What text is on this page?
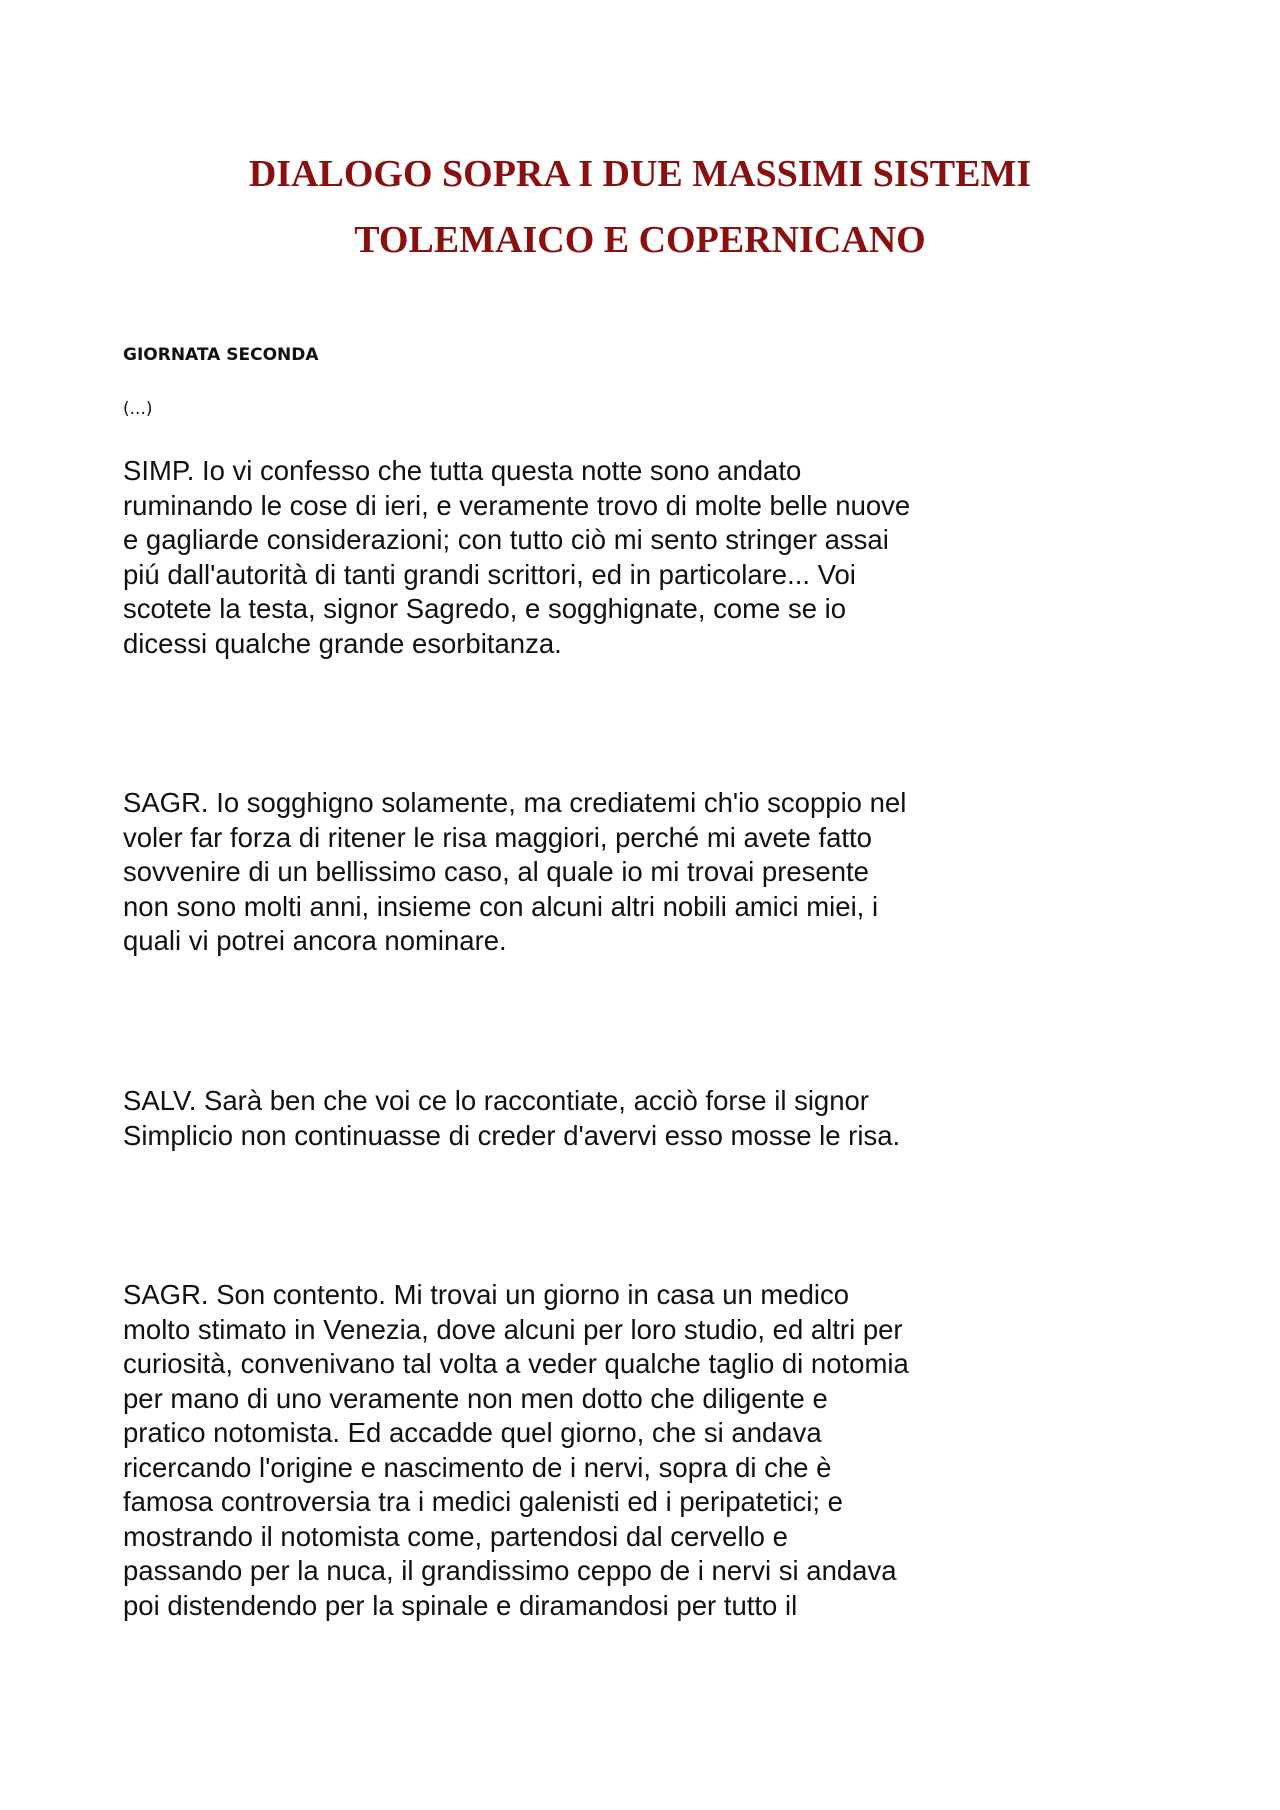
DIALOGO SOPRA I DUE MASSIMI SISTEMI
TOLEMAICO E COPERNICANO
GIORNATA SECONDA

(...)

SIMP. Io vi confesso che tutta questa notte sono andato ruminando le cose di ieri, e veramente trovo di molte belle nuove e gagliarde considerazioni; con tutto ciò mi sento stringer assai piú dall'autorità di tanti grandi scrittori, ed in particolare... Voi scotete la testa, signor Sagredo, e sogghignate, come se io dicessi qualche grande esorbitanza.

SAGR. Io sogghigno solamente, ma crediatemi ch'io scoppio nel voler far forza di ritener le risa maggiori, perché mi avete fatto sovvenire di un bellissimo caso, al quale io mi trovai presente non sono molti anni, insieme con alcuni altri nobili amici miei, i quali vi potrei ancora nominare.

SALV. Sarà ben che voi ce lo raccontiate, acciò forse il signor Simplicio non continuasse di creder d'avervi esso mosse le risa.

SAGR. Son contento. Mi trovai un giorno in casa un medico molto stimato in Venezia, dove alcuni per loro studio, ed altri per curiosità, convenivano tal volta a veder qualche taglio di notomia per mano di uno veramente non men dotto che diligente e pratico notomista. Ed accadde quel giorno, che si andava ricercando l'origine e nascimento de i nervi, sopra di che è famosa controversia tra i medici galenisti ed i peripatetici; e mostrando il notomista come, partendosi dal cervello e passando per la nuca, il grandissimo ceppo de i nervi si andava poi distendendo per la spinale e diramandosi per tutto il
